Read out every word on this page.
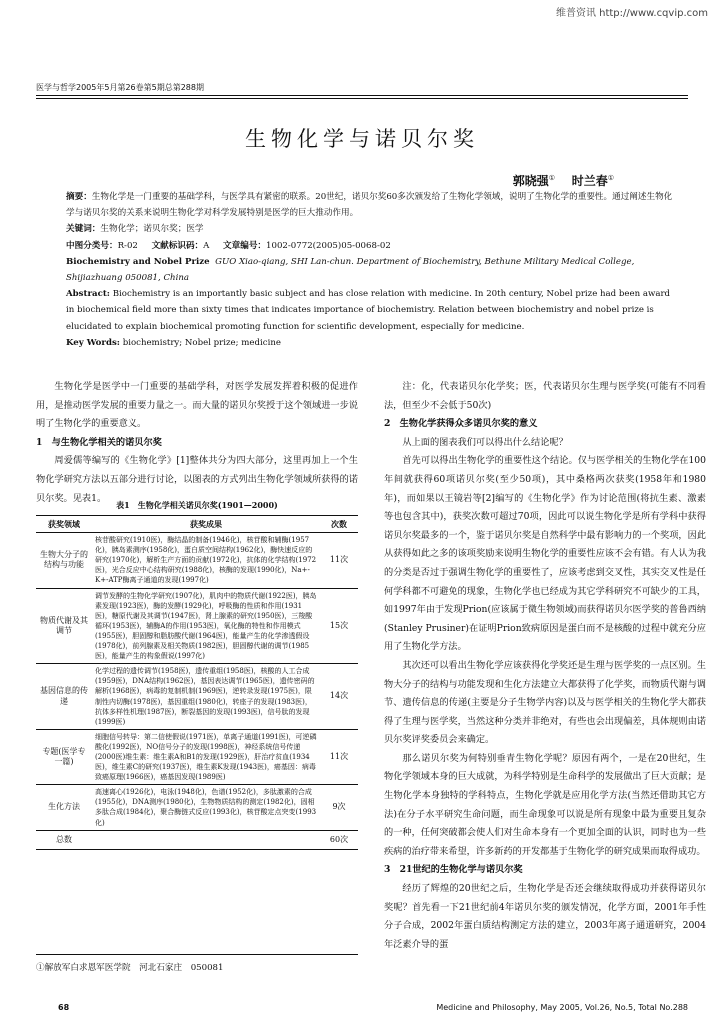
维普资讯 http://www.cqvip.com
医学与哲学2005年5月第26卷第5期总第288期
生物化学与诺贝尔奖
郭晓强① 时兰春①

摘要：生物化学是一门重要的基础学科，与医学具有紧密的联系。20世纪，诺贝尔奖60多次颁发给了生物化学领域，说明了生物化学的重要性。通过阐述生物化学与诺贝尔奖的关系来说明生物化学对科学发展特别是医学的巨大推动作用。

关键词：生物化学；诺贝尔奖；医学

中图分类号：R-02 文献标识码：A 文章编号：1002-0772(2005)05-0068-02

Biochemistry and Nobel Prize GUO Xiao-qiang, SHI Lan-chun. Department of Biochemistry, Bethune Military Medical College, Shijiazhuang 050081, China

Abstract: Biochemistry is an importantly basic subject and has close relation with medicine. In 20th century, Nobel prize had been award in biochemical field more than sixty times that indicates importance of biochemistry. Relation between biochemistry and nobel prize is elucidated to explain biochemical promoting function for scientific development, especially for medicine.

Key Words: biochemistry; Nobel prize; medicine

生物化学是医学中一门重要的基础学科，对医学发展发挥着积极的促进作用，是推动医学发展的重要力量之一。而大量的诺贝尔奖授于这个领域进一步说明了生物化学的重要意义。

1　与生物化学相关的诺贝尔奖

周爱儒等编写的《生物化学》[1]整体共分为四大部分，这里再加上一个生物化学研究方法以五部分进行讨论，以图表的方式列出生物化学领域所获得的诺贝尔奖。见表1。

表1　生物化学相关诺贝尔奖(1901—2000)
获奖领域	获奖成果	次数
生物大分子的结构与功能	核苷酸研究(1910医)，酶结晶的制备(1946化)，核苷酸和辅酶(1957化)，胰岛素测序(1958化)，蛋白质空间结构(1962化)，酶快速反应的研究(1970化)，解析生产方面的贡献(1972化)，抗体的化学结构(1972医)，光合反应中心结构研究(1988化)，核酶的发现(1990化)，Na+-K+-ATP酶离子通道的发现(1997化)	11次
物质代谢及其调节	调节发酵的生物化学研究(1907化)，肌肉中的物质代谢(1922医)，胰岛素发现(1923医)，酶的发酵(1929化)，呼吸酶的性质和作用(1931医)，糖原代谢及其调节(1947医)，肾上腺素的研究(1950医)，三羧酸循环(1953医)，辅酶A的作用(1953医)，氧化酶的特性和作用模式(1955医)，胆固醇和脂肪酸代谢(1964医)，能量产生的化学渗透假设(1978化)，前列腺素及相关物质(1982医)，胆固醇代谢的调节(1985医)，能量产生的构象假说(1997化)	15次
基因信息的传递	化学过程的遗传调节(1958医)，遗传重组(1958医)，核酸的人工合成(1959医)，DNA结构(1962医)，基因表达调节(1965医)，遗传密码的解析(1968医)，病毒的复制机制(1969医)，逆转录发现(1975医)，限制性内切酶(1978医)，基因重组(1980化)，转座子的发现(1983医)，抗体多样性机理(1987医)，断裂基因的发现(1993医)，信号肽的发现(1999医)	14次
专题(医学专一篇)	细胞信号转导：第二信使假说(1971医)，单离子通道(1991医)，可逆磷酸化(1992医)，NO信号分子的发现(1998医)，神经系统信号传递(2000医)维生素：维生素A和B1的发现(1929医)，肝治疗贫血(1934医)，维生素C的研究(1937医)，维生素K发现(1943医)，癌基因：病毒致癌原理(1966医)，癌基因发现(1989医)	11次
生化方法	高速离心(1926化)，电泳(1948化)，色谱(1952化)，多肽激素的合成(1955化)，DNA测序(1980化)，生物物质结构的测定(1982化)，固相多肽合成(1984化)，聚合酶链式反应(1993化)，核苷酸定点突变(1993化)	9次
总数		60次

注：化，代表诺贝尔化学奖；医，代表诺贝尔生理与医学奖(可能有不同看法，但至少不会低于50次)

2　生物化学获得众多诺贝尔奖的意义

从上面的图表我们可以得出什么结论呢？

首先可以得出生物化学的重要性这个结论。仅与医学相关的生物化学在100年间就获得60项诺贝尔奖(至少50项)，其中桑格两次获奖(1958年和1980年)，而如果以王镜岩等[2]编写的《生物化学》作为讨论范围(将抗生素、激素等也包含其中)，获奖次数可超过70项，因此可以说生物化学是所有学科中获得诺贝尔奖最多的一个，鉴于诺贝尔奖是自然科学中最有影响力的一个奖项，因此从获得如此之多的该项奖励来说明生物化学的重要性应该不会有错。有人认为我的分类是否过于强调生物化学的重要性了，应该考虑到交叉性，其实交叉性是任何学科都不可避免的现象，生物化学也已经成为其它学科研究不可缺少的工具，如1997年由于发现Prion(应该属于微生物领域)而获得诺贝尔医学奖的普鲁西纳(Stanley Prusiner)在证明Prion致病原因是蛋白而不是核酸的过程中就充分应用了生物化学方法。

其次还可以看出生物化学应该获得化学奖还是生理与医学奖的一点区别。生物大分子的结构与功能发现和生化方法建立大都获得了化学奖，而物质代谢与调节、遗传信息的传递(主要是分子生物学内容)以及与医学相关的生物化学大都获得了生理与医学奖，当然这种分类并非绝对，有些也会出现偏差，具体规则由诺贝尔奖评奖委员会来确定。

那么诺贝尔奖为何特别垂青生物化学呢？原因有两个，一是在20世纪，生物化学领域本身的巨大成就，为科学特别是生命科学的发展做出了巨大贡献；是生物化学本身独特的学科特点，生物化学就是应用化学方法(当然还借助其它方法)在分子水平研究生命问题，而生命现象可以说是所有现象中最为重要且复杂的一种，任何突破都会使人们对生命本身有一个更加全面的认识，同时也为一些疾病的治疗带来希望，许多新药的开发都基于生物化学的研究成果而取得成功。

3　21世纪的生物化学与诺贝尔奖

经历了辉煌的20世纪之后，生物化学是否还会继续取得成功并获得诺贝尔奖呢？首先看一下21世纪前4年诺贝尔奖的颁发情况，化学方面，2001年手性分子合成，2002年蛋白质结构测定方法的建立，2003年离子通道研究，2004年泛素介导的蛋

①解放军白求恩军医学院　河北石家庄　050081
68	Medicine and Philosophy, May 2005, Vol.26, No.5, Total No.288
